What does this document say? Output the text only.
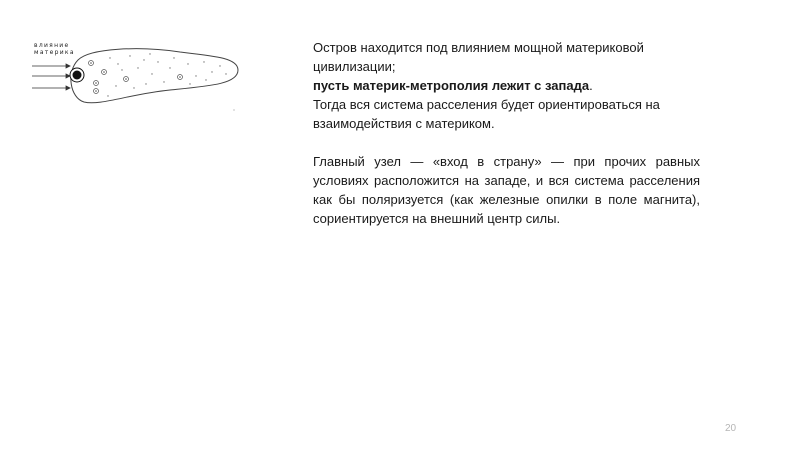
влияние
материка	Остров находится под влиянием мощной материковой цивилизации;
пусть материк-метрополия лежит с запада.
Тогда вся система расселения будет ориентироваться на взаимодействия с материком.

Главный узел — «вход в страну» — при прочих равных условиях расположится на западе, и вся система расселения как бы поляризуется (как железные опилки в поле магнита), сориентируется на внешний центр силы.

20
